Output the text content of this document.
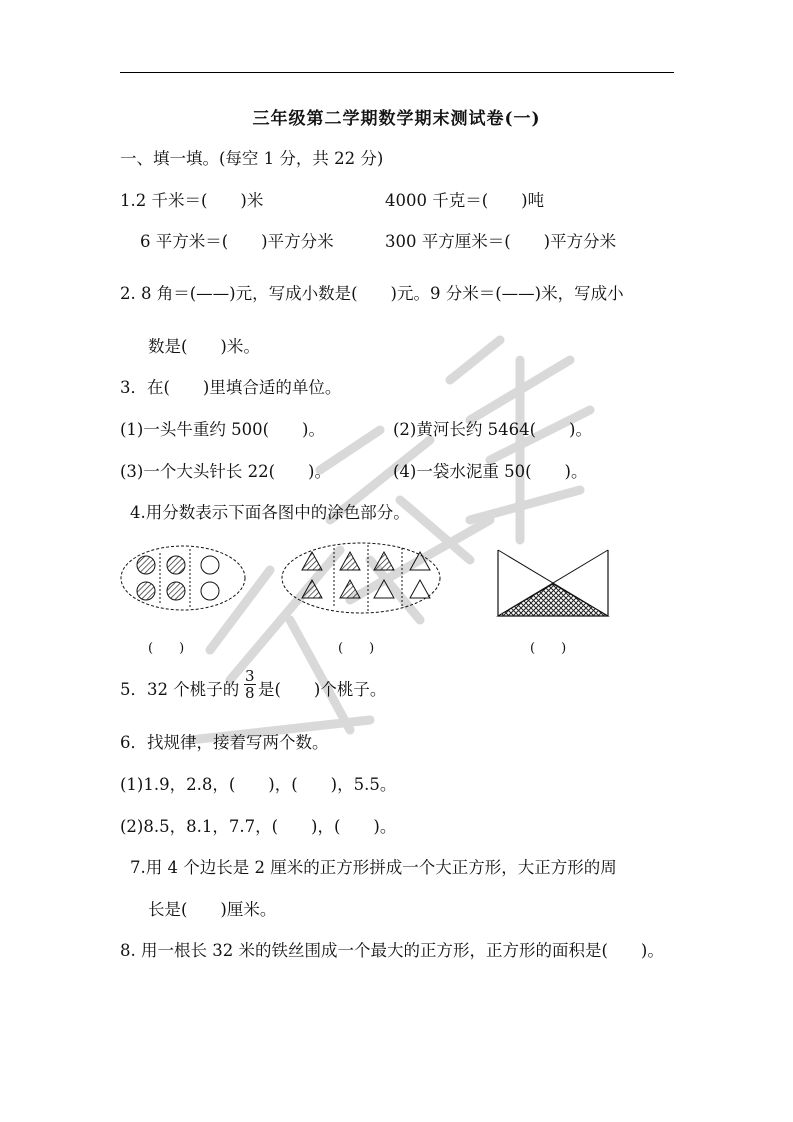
三年级第二学期数学期末测试卷(一)
一、填一填。(每空 1 分，共 22 分)
1.2 千米＝(　　)米	4000 千克＝(　　)吨
6 平方米＝(　　)平方分米	300 平方厘米＝(　　)平方分米
2. 8 角＝(——)元，写成小数是(　　)元。9 分米＝(——)米，写成小
数是(　　)米。
3．在(　　)里填合适的单位。
(1)一头牛重约 500(　　)。	(2)黄河长约 5464(　　)。
(3)一个大头针长 22(　　)。	(4)一袋水泥重 50(　　)。
4.用分数表示下面各图中的涂色部分。
(　　)	(　　)	(　　)
5．32 个桃子的 $\frac{3}{8}$ 是(　　)个桃子。
6．找规律，接着写两个数。
(1)1.9，2.8，(　　)，(　　)，5.5。
(2)8.5，8.1，7.7，(　　)，(　　)。
7.用 4 个边长是 2 厘米的正方形拼成一个大正方形，大正方形的周
长是(　　)厘米。
8. 用一根长 32 米的铁丝围成一个最大的正方形，正方形的面积是(　　)。
